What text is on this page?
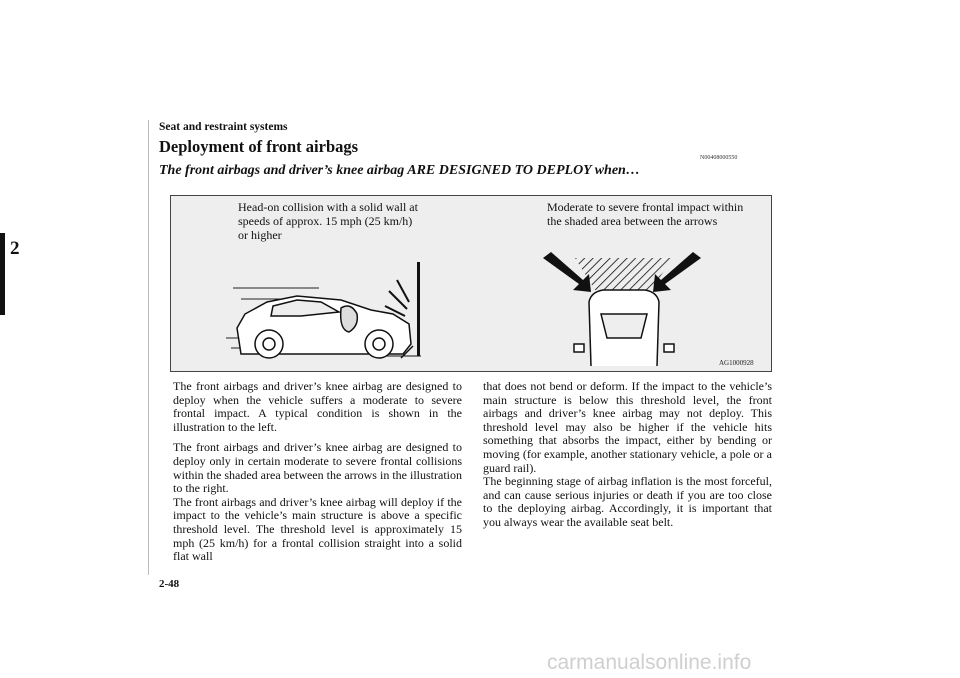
2
Seat and restraint systems
Deployment of front airbags
N00408000550
The front airbags and driver’s knee airbag ARE DESIGNED TO DEPLOY when…
Head-on collision with a solid wall at speeds of approx. 15 mph (25 km/h) or higher
Moderate to severe frontal impact within the shaded area between the arrows
AG1000928

The front airbags and driver’s knee airbag are designed to deploy when the vehicle suffers a moderate to severe frontal impact. A typical condition is shown in the illustration to the left.

The front airbags and driver’s knee airbag are designed to deploy only in certain moderate to severe frontal collisions within the shaded area between the arrows in the illustration to the right.

The front airbags and driver’s knee airbag will deploy if the impact to the vehicle’s main structure is above a specific threshold level. The threshold level is approximately 15 mph (25 km/h) for a frontal collision straight into a solid flat wall

that does not bend or deform. If the impact to the vehicle’s main structure is below this threshold level, the front airbags and driver’s knee airbag may not deploy. This threshold level may also be higher if the vehicle hits something that absorbs the impact, either by bending or moving (for example, another stationary vehicle, a pole or a guard rail).

The beginning stage of airbag inflation is the most forceful, and can cause serious injuries or death if you are too close to the deploying airbag. Accordingly, it is important that you always wear the available seat belt.

2-48
carmanualsonline.info
